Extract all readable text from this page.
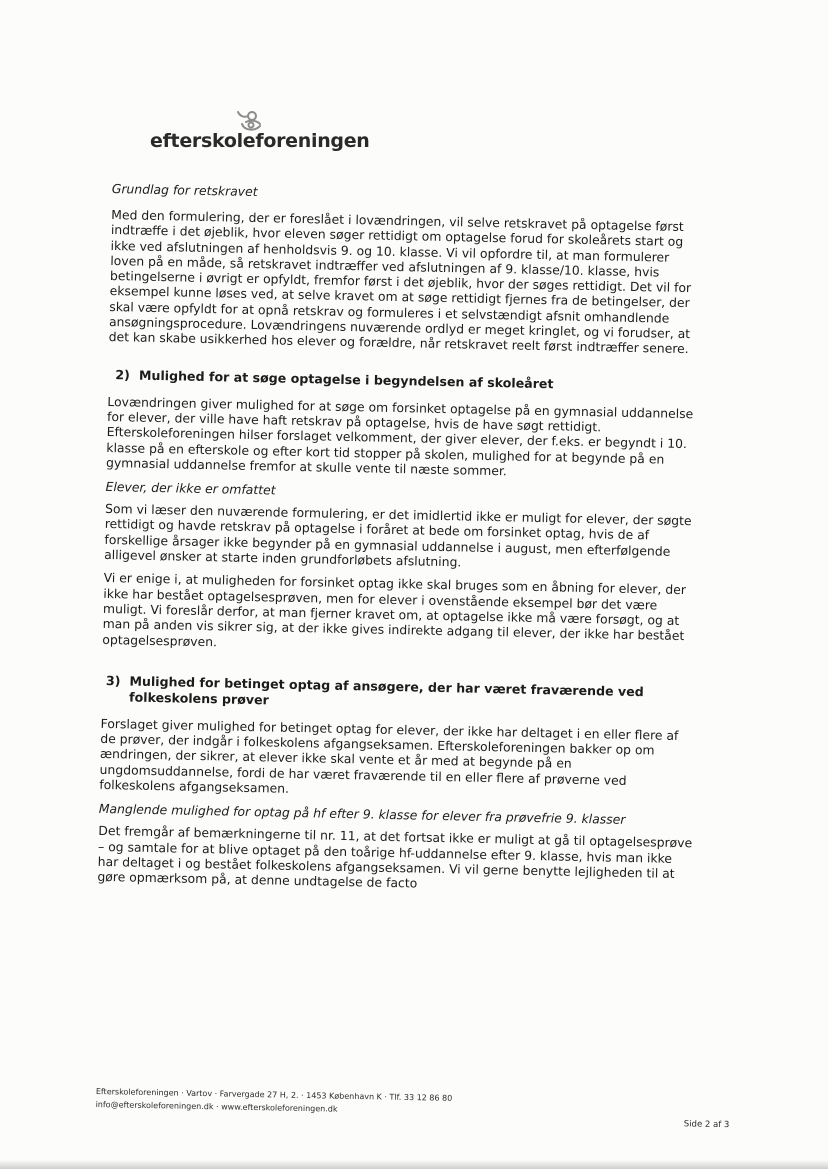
efterskoleforeningen

Grundlag for retskravet

Med den formulering, der er foreslået i lovændringen, vil selve retskravet på optagelse først indtræffe i det øjeblik, hvor eleven søger rettidigt om optagelse forud for skoleårets start og ikke ved afslutningen af henholdsvis 9. og 10. klasse. Vi vil opfordre til, at man formulerer loven på en måde, så retskravet indtræffer ved afslutningen af 9. klasse/10. klasse, hvis betingelserne i øvrigt er opfyldt, fremfor først i det øjeblik, hvor der søges rettidigt. Det vil for eksempel kunne løses ved, at selve kravet om at søge rettidigt fjernes fra de betingelser, der skal være opfyldt for at opnå retskrav og formuleres i et selvstændigt afsnit omhandlende ansøgningsprocedure. Lovændringens nuværende ordlyd er meget kringlet, og vi forudser, at det kan skabe usikkerhed hos elever og forældre, når retskravet reelt først indtræffer senere.

2) Mulighed for at søge optagelse i begyndelsen af skoleåret

Lovændringen giver mulighed for at søge om forsinket optagelse på en gymnasial uddannelse for elever, der ville have haft retskrav på optagelse, hvis de have søgt rettidigt. Efterskoleforeningen hilser forslaget velkomment, der giver elever, der f.eks. er begyndt i 10. klasse på en efterskole og efter kort tid stopper på skolen, mulighed for at begynde på en gymnasial uddannelse fremfor at skulle vente til næste sommer.

Elever, der ikke er omfattet

Som vi læser den nuværende formulering, er det imidlertid ikke er muligt for elever, der søgte rettidigt og havde retskrav på optagelse i foråret at bede om forsinket optag, hvis de af forskellige årsager ikke begynder på en gymnasial uddannelse i august, men efterfølgende alligevel ønsker at starte inden grundforløbets afslutning.

Vi er enige i, at muligheden for forsinket optag ikke skal bruges som en åbning for elever, der ikke har bestået optagelsesprøven, men for elever i ovenstående eksempel bør det være muligt. Vi foreslår derfor, at man fjerner kravet om, at optagelse ikke må være forsøgt, og at man på anden vis sikrer sig, at der ikke gives indirekte adgang til elever, der ikke har bestået optagelsesprøven.

3) Mulighed for betinget optag af ansøgere, der har været fraværende ved folkeskolens prøver

Forslaget giver mulighed for betinget optag for elever, der ikke har deltaget i en eller flere af de prøver, der indgår i folkeskolens afgangseksamen. Efterskoleforeningen bakker op om ændringen, der sikrer, at elever ikke skal vente et år med at begynde på en ungdomsuddannelse, fordi de har været fraværende til en eller flere af prøverne ved folkeskolens afgangseksamen.

Manglende mulighed for optag på hf efter 9. klasse for elever fra prøvefrie 9. klasser

Det fremgår af bemærkningerne til nr. 11, at det fortsat ikke er muligt at gå til optagelsesprøve – og samtale for at blive optaget på den toårige hf-uddannelse efter 9. klasse, hvis man ikke har deltaget i og bestået folkeskolens afgangseksamen. Vi vil gerne benytte lejligheden til at gøre opmærksom på, at denne undtagelse de facto

Efterskoleforeningen · Vartov · Farvergade 27 H, 2. · 1453 København K · Tlf. 33 12 86 80
info@efterskoleforeningen.dk · www.efterskoleforeningen.dk
Side 2 af 3
